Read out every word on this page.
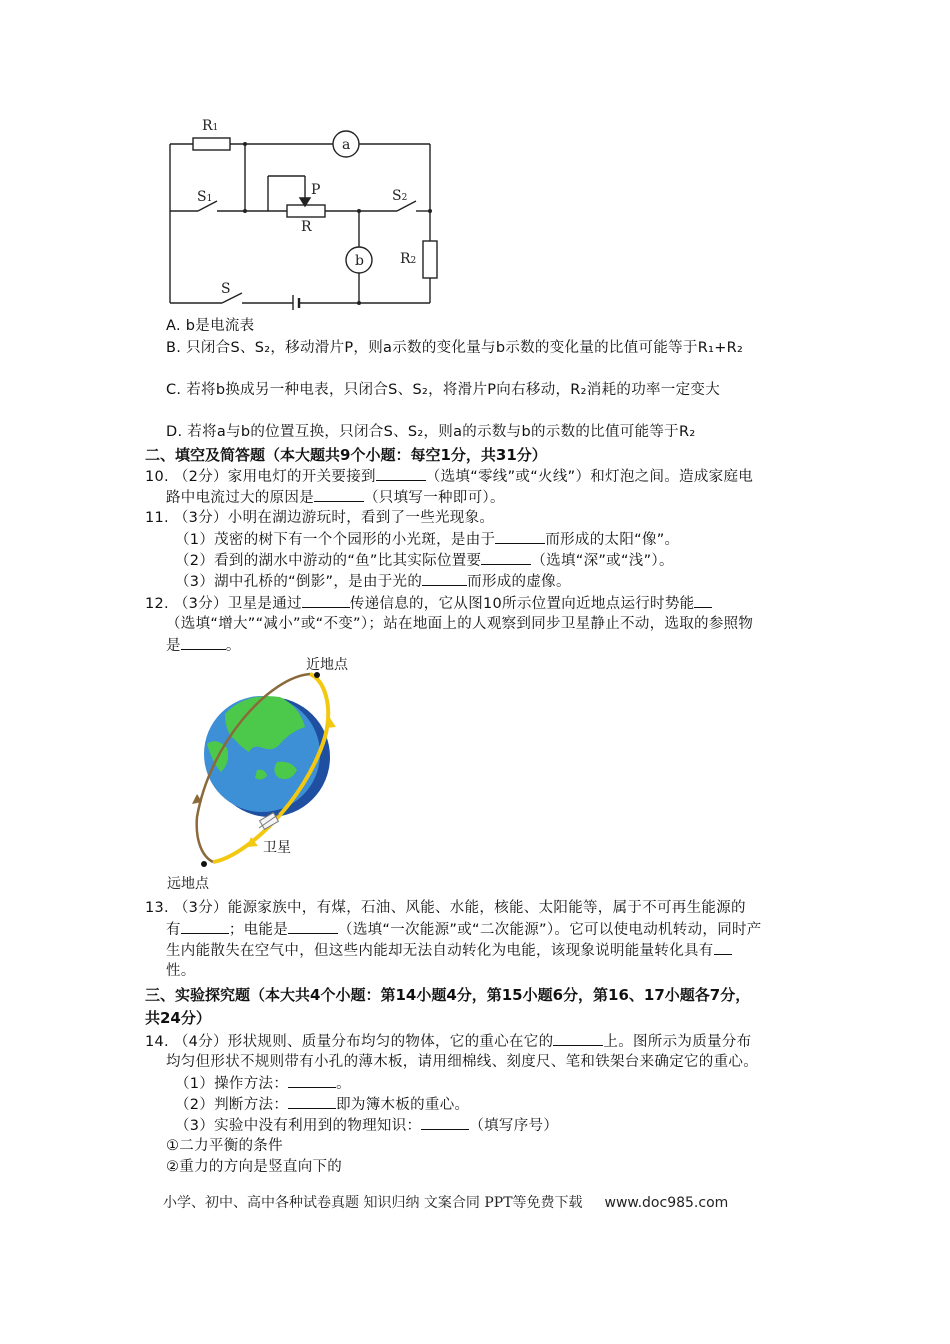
R1
a
b
S1
P
R
S2
R2
S
A. b是电流表
B. 只闭合S、S₂，移动滑片P，则a示数的变化量与b示数的变化量的比值可能等于R₁+R₂
C. 若将b换成另一种电表，只闭合S、S₂，将滑片P向右移动，R₂消耗的功率一定变大
D. 若将a与b的位置互换，只闭合S、S₂，则a的示数与b的示数的比值可能等于R₂
二、填空及简答题（本大题共9个小题：每空1分，共31分）
10. （2分）家用电灯的开关要接到	（选填“零线”或“火线”）和灯泡之间。造成家庭电
路中电流过大的原因是	（只填写一种即可）。
11. （3分）小明在湖边游玩时，看到了一些光现象。
（1）茂密的树下有一个个园形的小光斑，是由于	而形成的太阳“像”。
（2）看到的湖水中游动的“鱼”比其实际位置要	（选填“深”或“浅”）。
（3）湖中孔桥的“倒影”，是由于光的	而形成的虚像。
12. （3分）卫星是通过	传递信息的，它从图10所示位置向近地点运行时势能
（选填“增大”“减小”或“不变”）；站在地面上的人观察到同步卫星静止不动，选取的参照物
是	。
近地点
远地点
卫星
13. （3分）能源家族中，有煤，石油、风能、水能，核能、太阳能等，属于不可再生能源的
有	；电能是	（选填“一次能源”或“二次能源”）。它可以使电动机转动，同时产
生内能散失在空气中，但这些内能却无法自动转化为电能，该现象说明能量转化具有
性。
三、实验探究题（本大共4个小题：第14小题4分，第15小题6分，第16、17小题各7分，
共24分）
14. （4分）形状规则、质量分布均匀的物体，它的重心在它的	上。图所示为质量分布
均匀但形状不规则带有小孔的薄木板，请用细棉线、刻度尺、笔和铁架台来确定它的重心。
（1）操作方法：	。
（2）判断方法：	即为簿木板的重心。
（3）实验中没有利用到的物理知识：	（填写序号）
①二力平衡的条件
②重力的方向是竖直向下的
小学、初中、高中各种试卷真题 知识归纳 文案合同 PPT等免费下载 www.doc985.com
